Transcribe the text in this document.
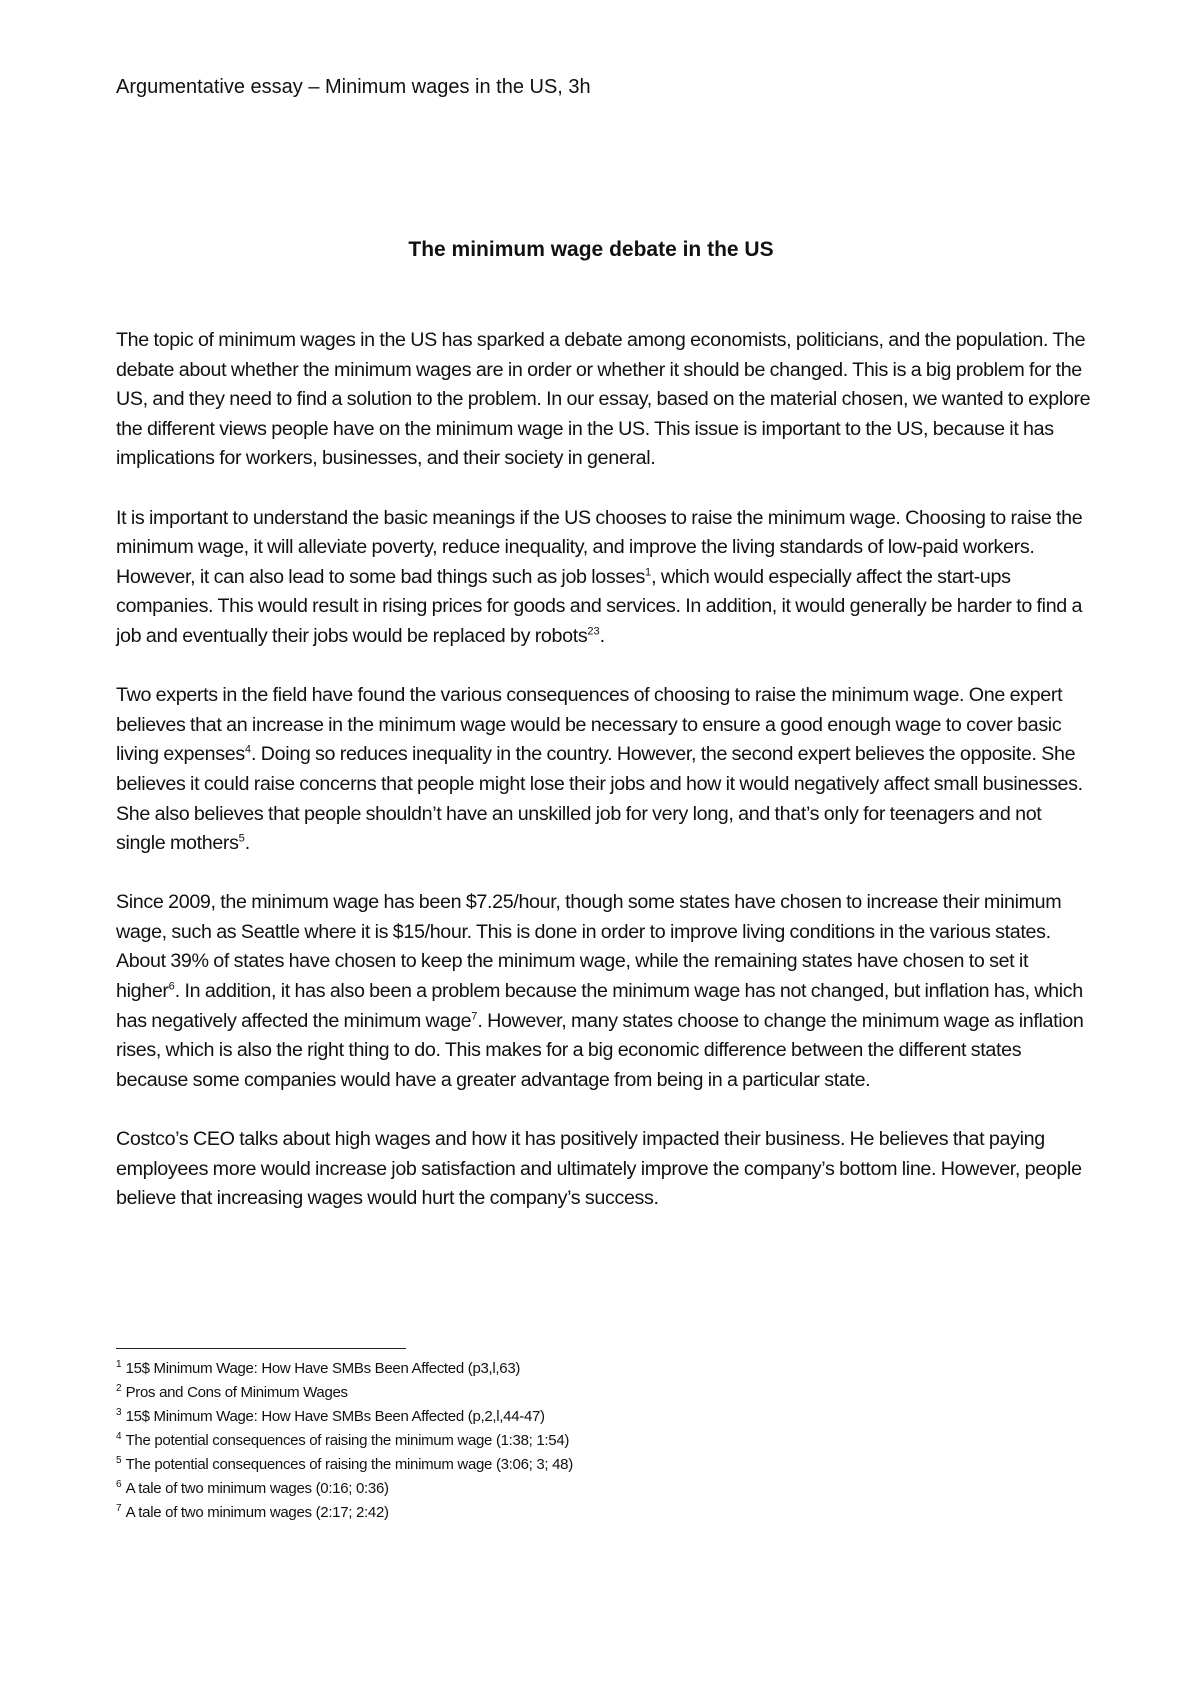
Argumentative essay – Minimum wages in the US, 3h
The minimum wage debate in the US

The topic of minimum wages in the US has sparked a debate among economists, politicians, and the population. The debate about whether the minimum wages are in order or whether it should be changed. This is a big problem for the US, and they need to find a solution to the problem. In our essay, based on the material chosen, we wanted to explore the different views people have on the minimum wage in the US. This issue is important to the US, because it has implications for workers, businesses, and their society in general.

It is important to understand the basic meanings if the US chooses to raise the minimum wage. Choosing to raise the minimum wage, it will alleviate poverty, reduce inequality, and improve the living standards of low-paid workers. However, it can also lead to some bad things such as job losses$^1$, which would especially affect the start-ups companies. This would result in rising prices for goods and services. In addition, it would generally be harder to find a job and eventually their jobs would be replaced by robots$^{23}$.

Two experts in the field have found the various consequences of choosing to raise the minimum wage. One expert believes that an increase in the minimum wage would be necessary to ensure a good enough wage to cover basic living expenses$^4$. Doing so reduces inequality in the country. However, the second expert believes the opposite. She believes it could raise concerns that people might lose their jobs and how it would negatively affect small businesses. She also believes that people shouldn’t have an unskilled job for very long, and that’s only for teenagers and not single mothers$^5$.

Since 2009, the minimum wage has been $7.25/hour, though some states have chosen to increase their minimum wage, such as Seattle where it is $15/hour. This is done in order to improve living conditions in the various states. About 39% of states have chosen to keep the minimum wage, while the remaining states have chosen to set it higher$^6$. In addition, it has also been a problem because the minimum wage has not changed, but inflation has, which has negatively affected the minimum wage$^7$. However, many states choose to change the minimum wage as inflation rises, which is also the right thing to do. This makes for a big economic difference between the different states because some companies would have a greater advantage from being in a particular state.

Costco’s CEO talks about high wages and how it has positively impacted their business. He believes that paying employees more would increase job satisfaction and ultimately improve the company’s bottom line. However, people believe that increasing wages would hurt the company’s success.

$^1$ 15$ Minimum Wage: How Have SMBs Been Affected (p3,l,63)
$^2$ Pros and Cons of Minimum Wages
$^3$ 15$ Minimum Wage: How Have SMBs Been Affected (p,2,l,44-47)
$^4$ The potential consequences of raising the minimum wage (1:38; 1:54)
$^5$ The potential consequences of raising the minimum wage (3:06; 3; 48)
$^6$ A tale of two minimum wages (0:16; 0:36)
$^7$ A tale of two minimum wages (2:17; 2:42)
